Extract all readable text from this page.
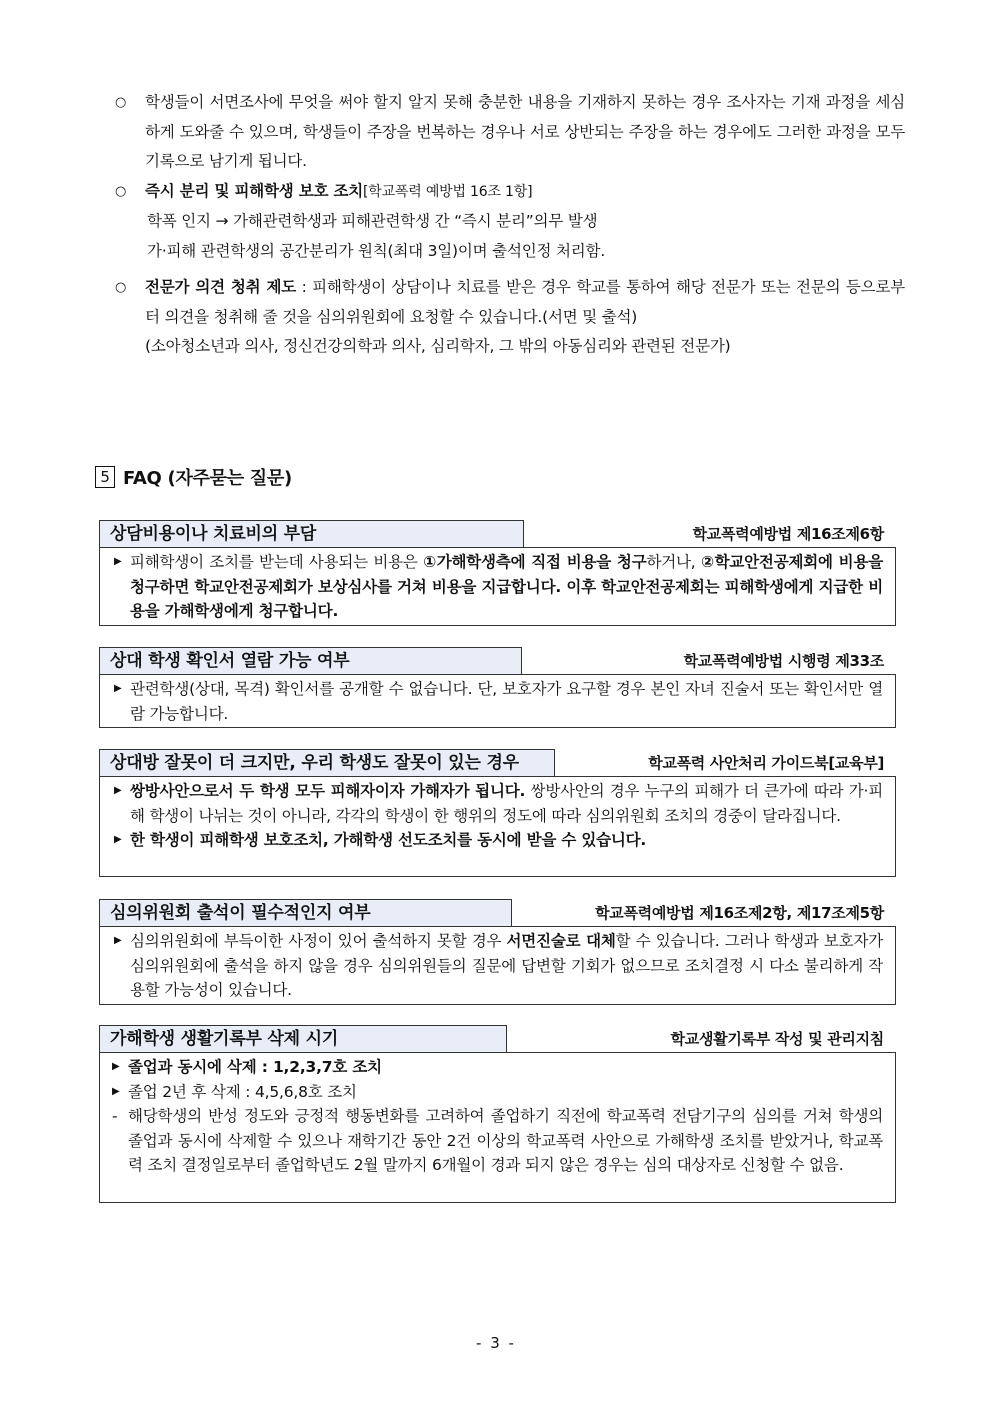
○ 학생들이 서면조사에 무엇을 써야 할지 알지 못해 충분한 내용을 기재하지 못하는 경우 조사자는 기재 과정을 세심하게 도와줄 수 있으며, 학생들이 주장을 번복하는 경우나 서로 상반되는 주장을 하는 경우에도 그러한 과정을 모두 기록으로 남기게 됩니다.
○ 즉시 분리 및 피해학생 보호 조치[학교폭력 예방법 16조 1항]
학폭 인지 → 가해관련학생과 피해관련학생 간 “즉시 분리”의무 발생
가·피해 관련학생의 공간분리가 원칙(최대 3일)이며 출석인정 처리함.
○ 전문가 의견 청취 제도 : 피해학생이 상담이나 치료를 받은 경우 학교를 통하여 해당 전문가 또는 전문의 등으로부터 의견을 청취해 줄 것을 심의위원회에 요청할 수 있습니다.(서면 및 출석)
(소아청소년과 의사, 정신건강의학과 의사, 심리학자, 그 밖의 아동심리와 관련된 전문가)
5 FAQ (자주묻는 질문)
상담비용이나 치료비의 부담	학교폭력예방법 제16조제6항
▶ 피해학생이 조치를 받는데 사용되는 비용은 ①가해학생측에 직접 비용을 청구하거나, ②학교안전공제회에 비용을 청구하면 학교안전공제회가 보상심사를 거쳐 비용을 지급합니다. 이후 학교안전공제회는 피해학생에게 지급한 비용을 가해학생에게 청구합니다.
상대 학생 확인서 열람 가능 여부	학교폭력예방법 시행령 제33조
▶ 관련학생(상대, 목격) 확인서를 공개할 수 없습니다. 단, 보호자가 요구할 경우 본인 자녀 진술서 또는 확인서만 열람 가능합니다.
상대방 잘못이 더 크지만, 우리 학생도 잘못이 있는 경우	학교폭력 사안처리 가이드북[교육부]
▶ 쌍방사안으로서 두 학생 모두 피해자이자 가해자가 됩니다. 쌍방사안의 경우 누구의 피해가 더 큰가에 따라 가·피해 학생이 나뉘는 것이 아니라, 각각의 학생이 한 행위의 정도에 따라 심의위원회 조치의 경중이 달라집니다.
▶ 한 학생이 피해학생 보호조치, 가해학생 선도조치를 동시에 받을 수 있습니다.
심의위원회 출석이 필수적인지 여부	학교폭력예방법 제16조제2항, 제17조제5항
▶ 심의위원회에 부득이한 사정이 있어 출석하지 못할 경우 서면진술로 대체할 수 있습니다. 그러나 학생과 보호자가 심의위원회에 출석을 하지 않을 경우 심의위원들의 질문에 답변할 기회가 없으므로 조치결정 시 다소 불리하게 작용할 가능성이 있습니다.
가해학생 생활기록부 삭제 시기	학교생활기록부 작성 및 관리지침
▶ 졸업과 동시에 삭제 : 1,2,3,7호 조치
▶ 졸업 2년 후 삭제 : 4,5,6,8호 조치
- 해당학생의 반성 정도와 긍정적 행동변화를 고려하여 졸업하기 직전에 학교폭력 전담기구의 심의를 거쳐 학생의 졸업과 동시에 삭제할 수 있으나 재학기간 동안 2건 이상의 학교폭력 사안으로 가해학생 조치를 받았거나, 학교폭력 조치 결정일로부터 졸업학년도 2월 말까지 6개월이 경과 되지 않은 경우는 심의 대상자로 신청할 수 없음.
- 3 -
